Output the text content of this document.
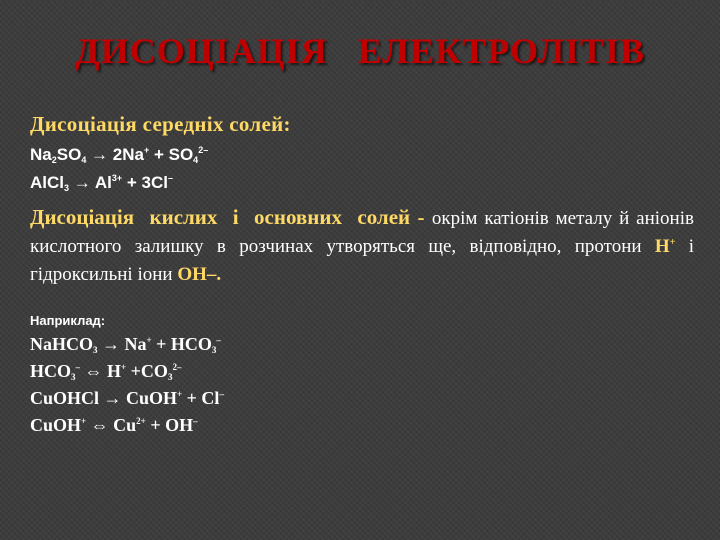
ДИСОЦІАЦІЯ   ЕЛЕКТРОЛІТІВ
Дисоціація середніх солей:
$Na_2SO_4 \to 2Na^+ + SO_4^{2-}$
AlCl$_3$ → $Al^{3+} + 3Cl^-$
Дисоціація кислих і основних солей - окрім катіонів металу й аніонів кислотного залишку в розчинах утворяться ще, відповідно, протони H+ і гідроксильні іони OH–.
Наприклад:
NaHCO$_3$ → $Na^+ + HCO_3^-$
$HCO_3^-$ ⇔ $H^+ +CO_3^{2-}$
CuOHCl → CuOH+ + Cl–
CuOH+ ⇔ $Cu^{2+} + OH^-$
